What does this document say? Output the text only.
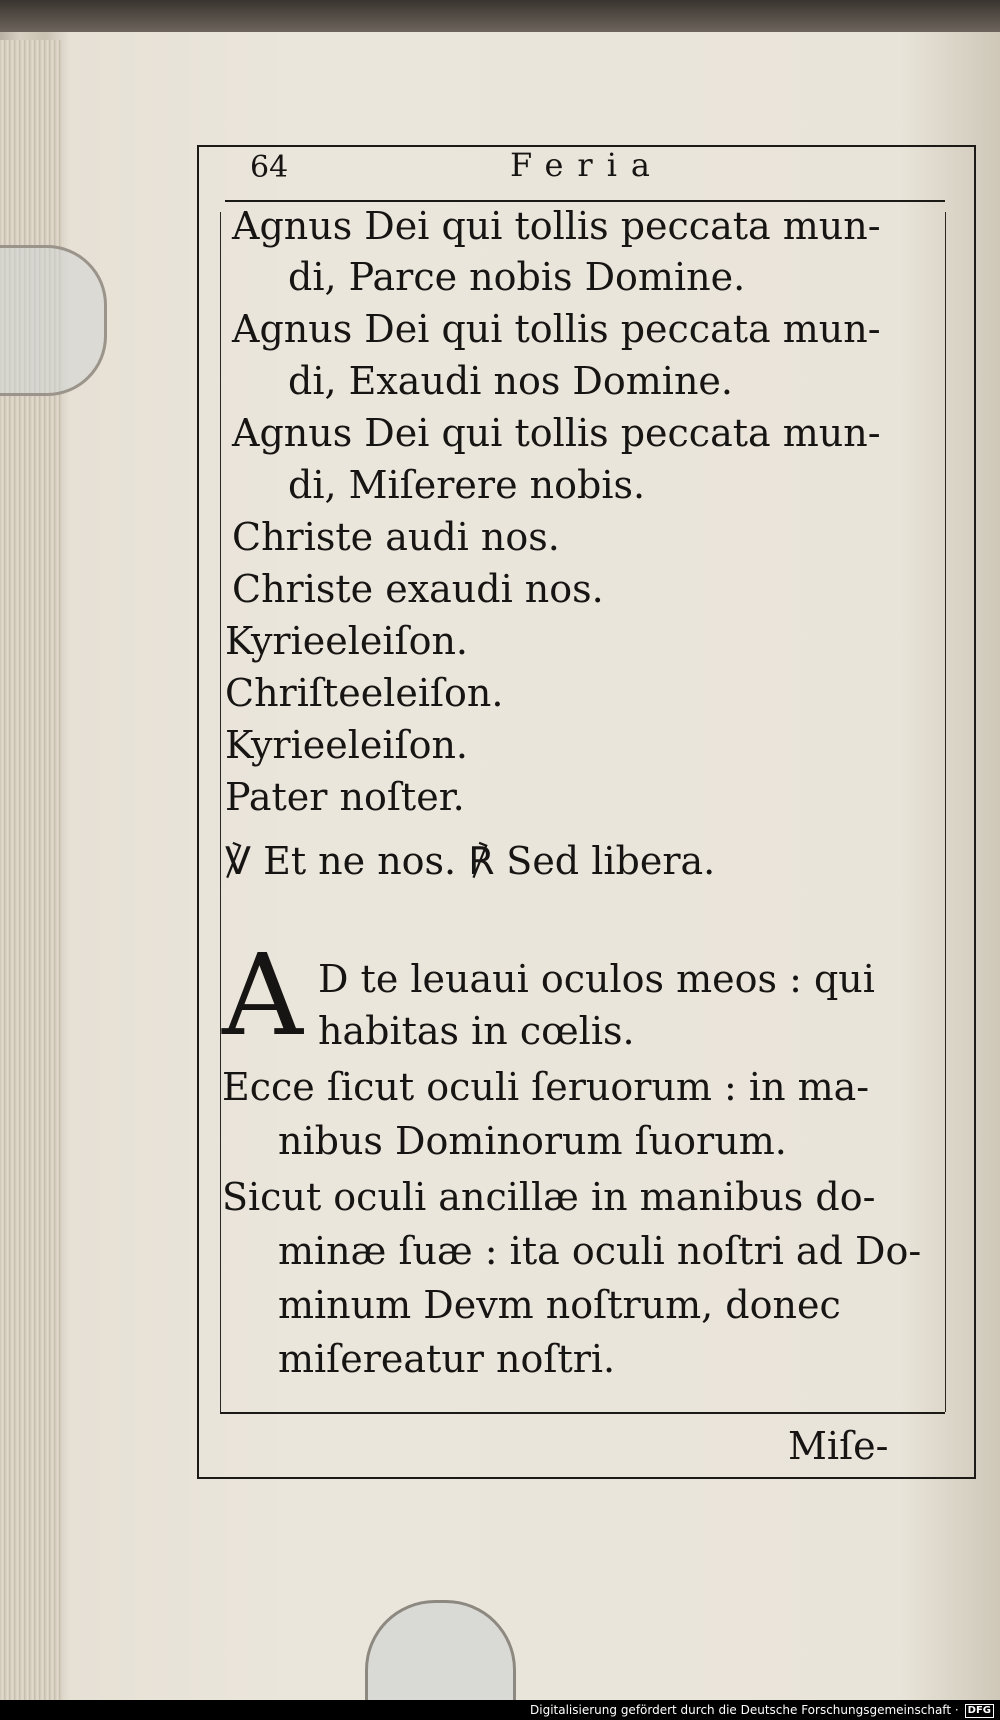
64	Feria
Agnus Dei qui tollis peccata mun-
di, Parce nobis Domine.
Agnus Dei qui tollis peccata mun-
di, Exaudi nos Domine.
Agnus Dei qui tollis peccata mun-
di, Miſerere nobis.
Christe audi nos.
Christe exaudi nos.
Kyrieeleiſon.
Chriſteeleiſon.
Kyrieeleiſon.
Pater noſter.
℣ Et ne nos. ℟ Sed libera.
A D te leuaui oculos meos : qui
habitas in cœlis.
Ecce ſicut oculi ſeruorum : in ma-
nibus Dominorum ſuorum.
Sicut oculi ancillæ in manibus do-
minæ ſuæ : ita oculi noſtri ad Do-
minum Devm noſtrum, donec
miſereatur noſtri.
Miſe-
Digitalisierung gefördert durch die Deutsche Forschungsgemeinschaft · DFG
